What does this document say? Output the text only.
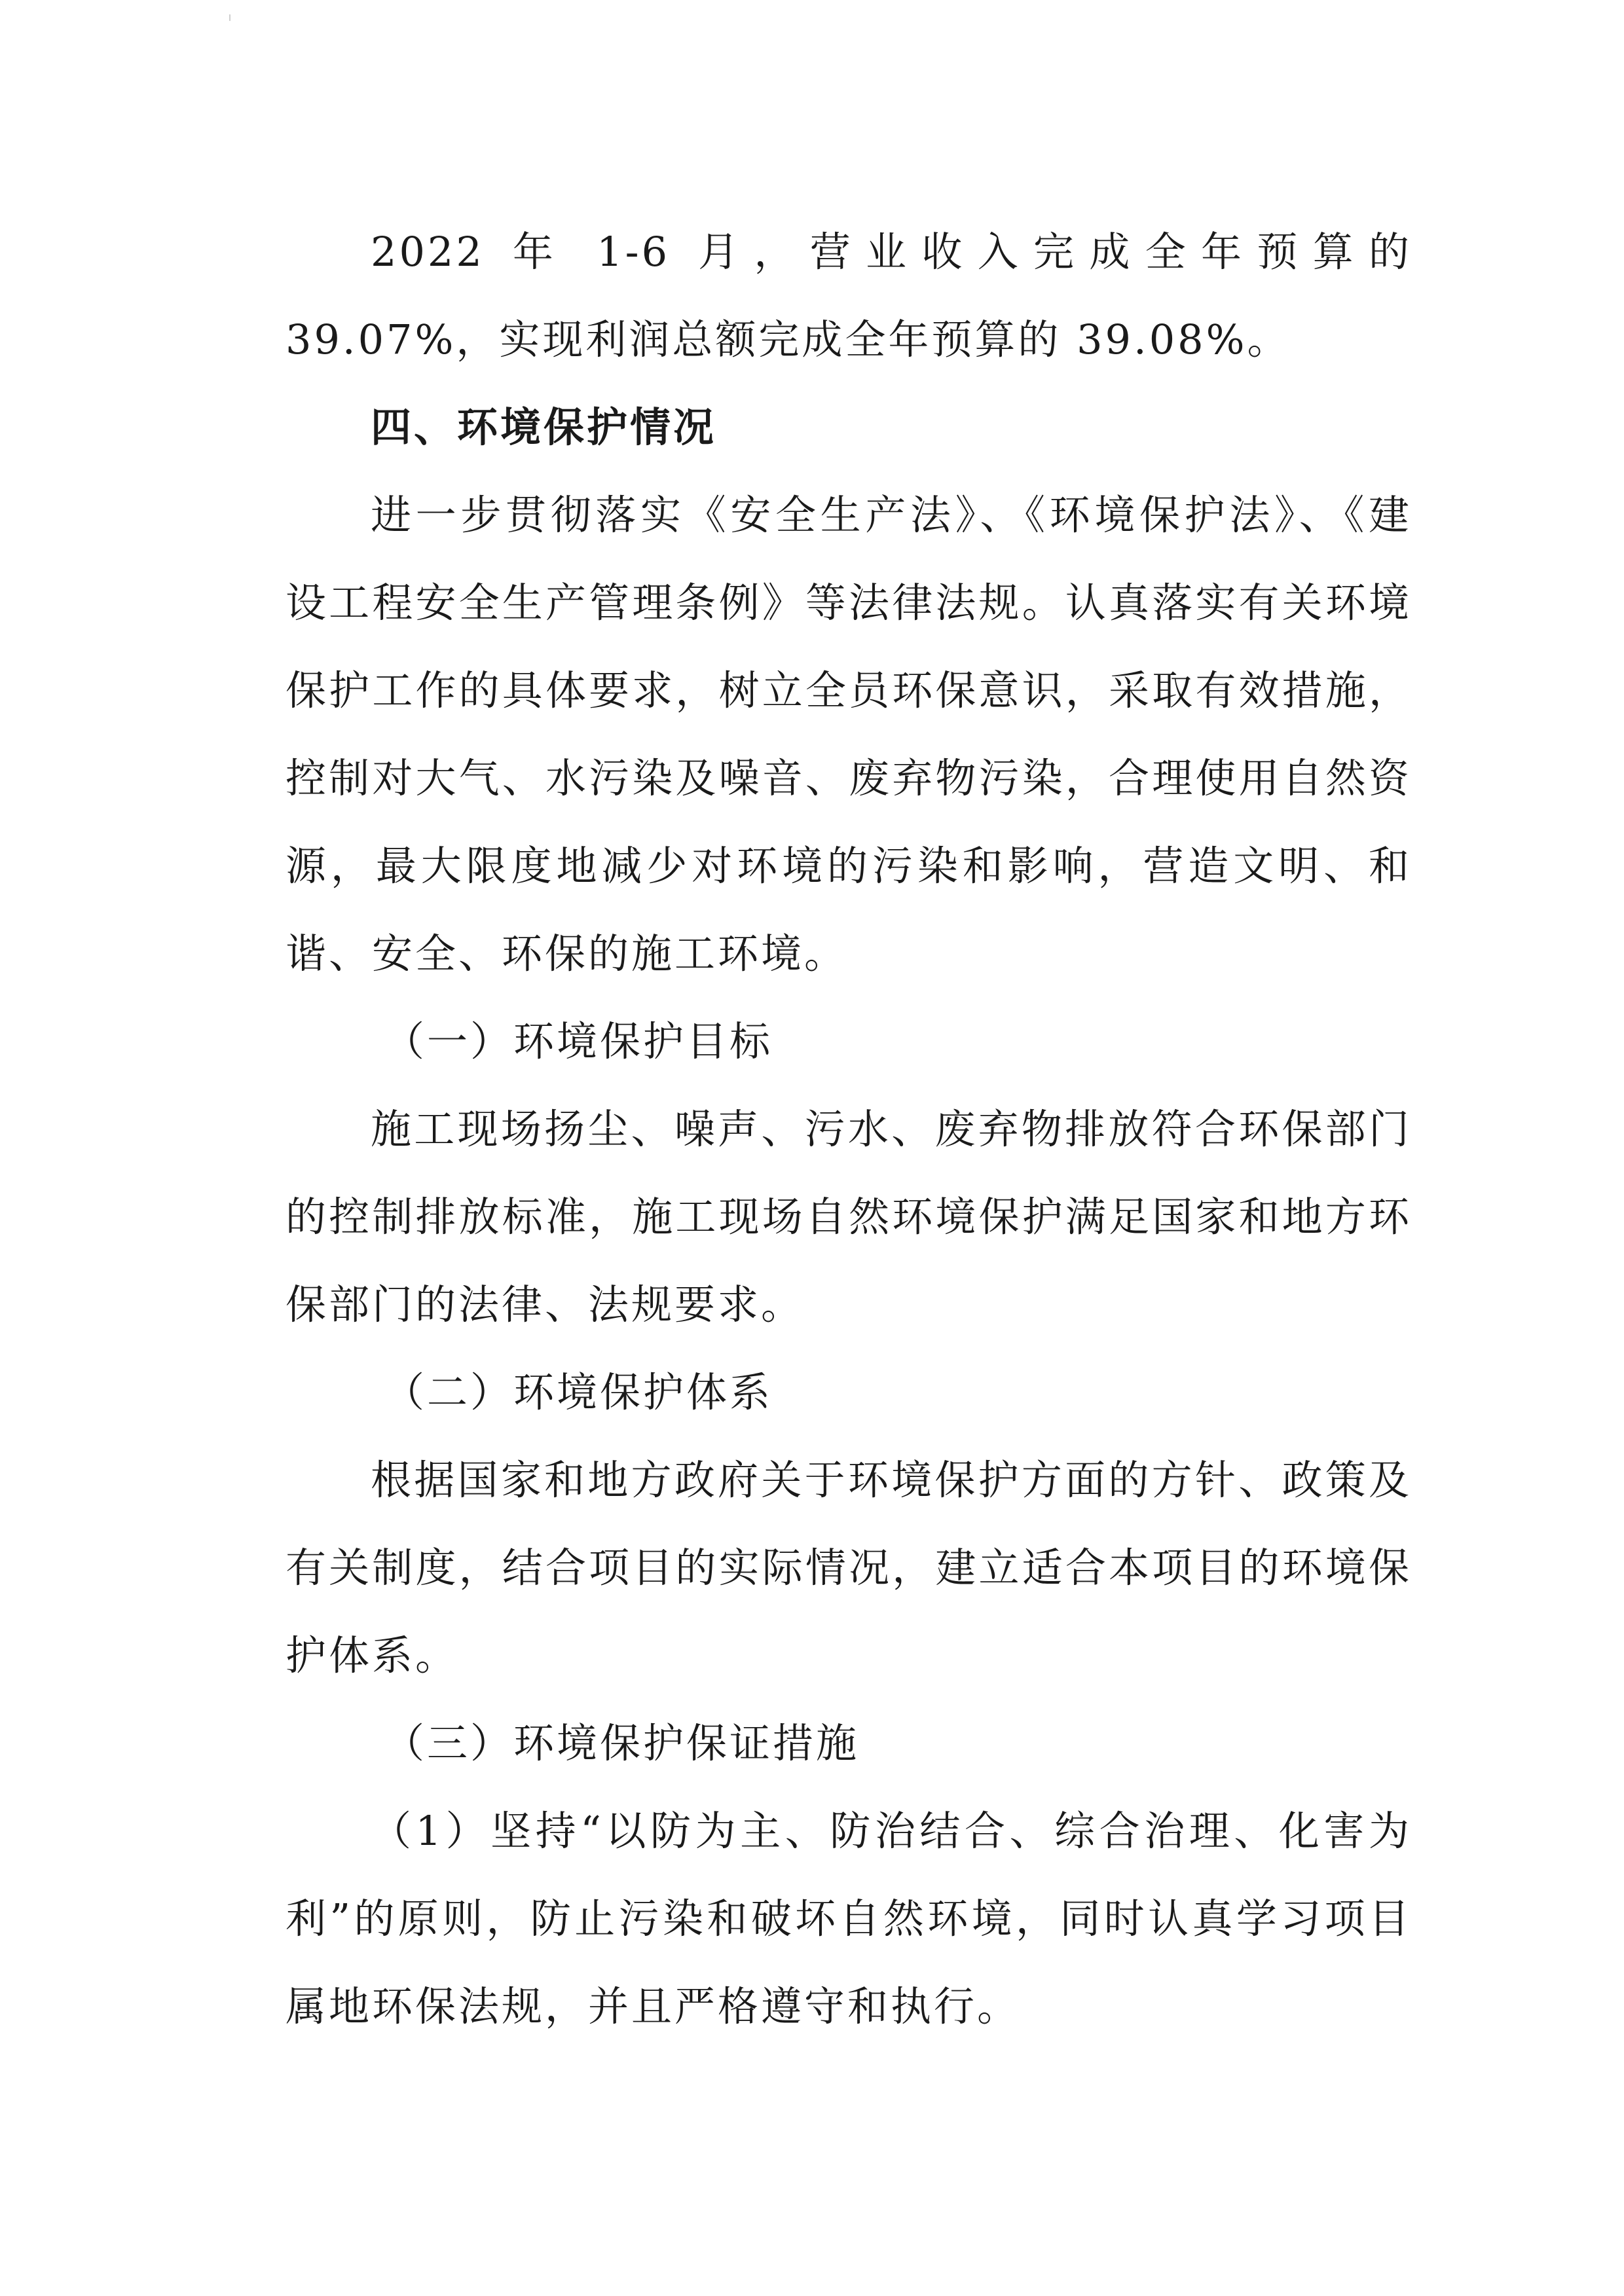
2022 年 1-6 月，营业收入完成全年预算的 39.07%，实现利润总额完成全年预算的 39.08%。

四、环境保护情况

进一步贯彻落实《安全生产法》、《环境保护法》、《建设工程安全生产管理条例》等法律法规。认真落实有关环境保护工作的具体要求，树立全员环保意识，采取有效措施，控制对大气、水污染及噪音、废弃物污染，合理使用自然资源，最大限度地减少对环境的污染和影响，营造文明、和谐、安全、环保的施工环境。

（一）环境保护目标

施工现场扬尘、噪声、污水、废弃物排放符合环保部门的控制排放标准，施工现场自然环境保护满足国家和地方环保部门的法律、法规要求。

（二）环境保护体系

根据国家和地方政府关于环境保护方面的方针、政策及有关制度，结合项目的实际情况，建立适合本项目的环境保护体系。

（三）环境保护保证措施

（1）坚持“以防为主、防治结合、综合治理、化害为利”的原则，防止污染和破坏自然环境，同时认真学习项目属地环保法规，并且严格遵守和执行。
